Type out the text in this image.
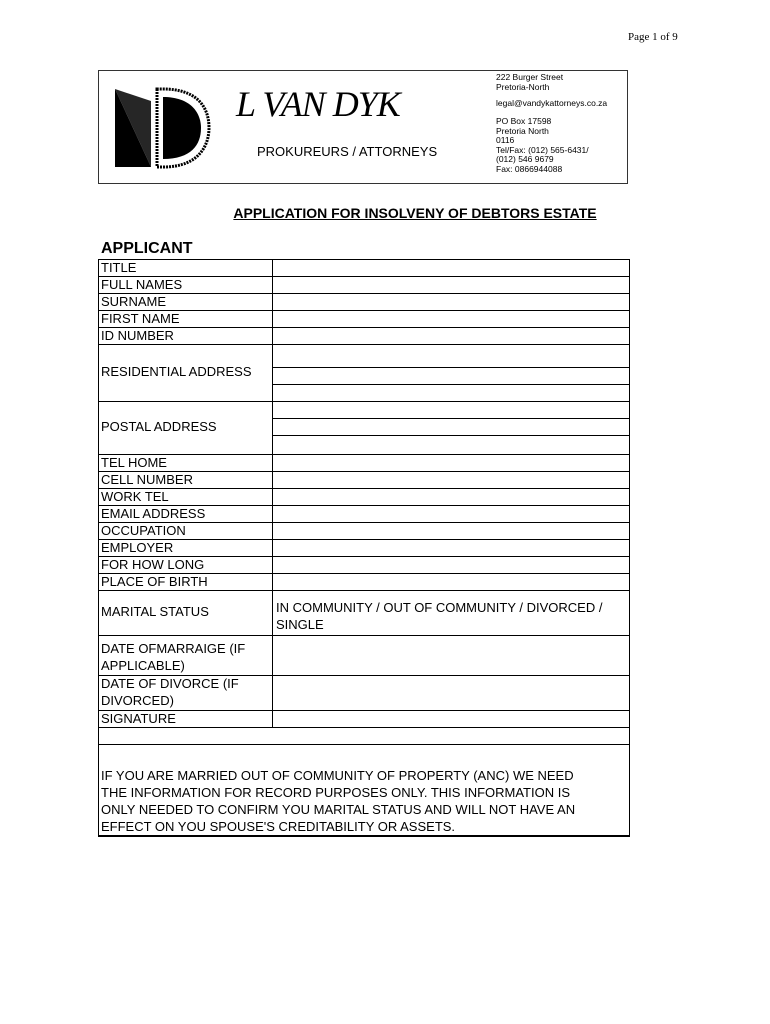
Page 1 of 9
L VAN DYK
PROKUREURS / ATTORNEYS
222 Burger Street
Pretoria-North
legal@vandykattorneys.co.za
PO Box 17598
Pretoria North
0116
Tel/Fax: (012) 565-6431/
(012) 546 9679
Fax: 0866944088
APPLICATION FOR INSOLVENY OF DEBTORS ESTATE
APPLICANT
TITLE
FULL NAMES
SURNAME
FIRST NAME
ID NUMBER
RESIDENTIAL ADDRESS
POSTAL ADDRESS
TEL HOME
CELL NUMBER
WORK TEL
EMAIL ADDRESS
OCCUPATION
EMPLOYER
FOR HOW LONG
PLACE OF BIRTH
MARITAL STATUS	IN COMMUNITY / OUT OF COMMUNITY / DIVORCED /
SINGLE
DATE OFMARRAIGE (IF
APPLICABLE)
DATE OF DIVORCE (IF
DIVORCED)
SIGNATURE
IF YOU ARE MARRIED OUT OF COMMUNITY OF PROPERTY (ANC) WE NEED
THE INFORMATION FOR RECORD PURPOSES ONLY. THIS INFORMATION IS
ONLY NEEDED TO CONFIRM YOU MARITAL STATUS AND WILL NOT HAVE AN
EFFECT ON YOU SPOUSE'S CREDITABILITY OR ASSETS.
